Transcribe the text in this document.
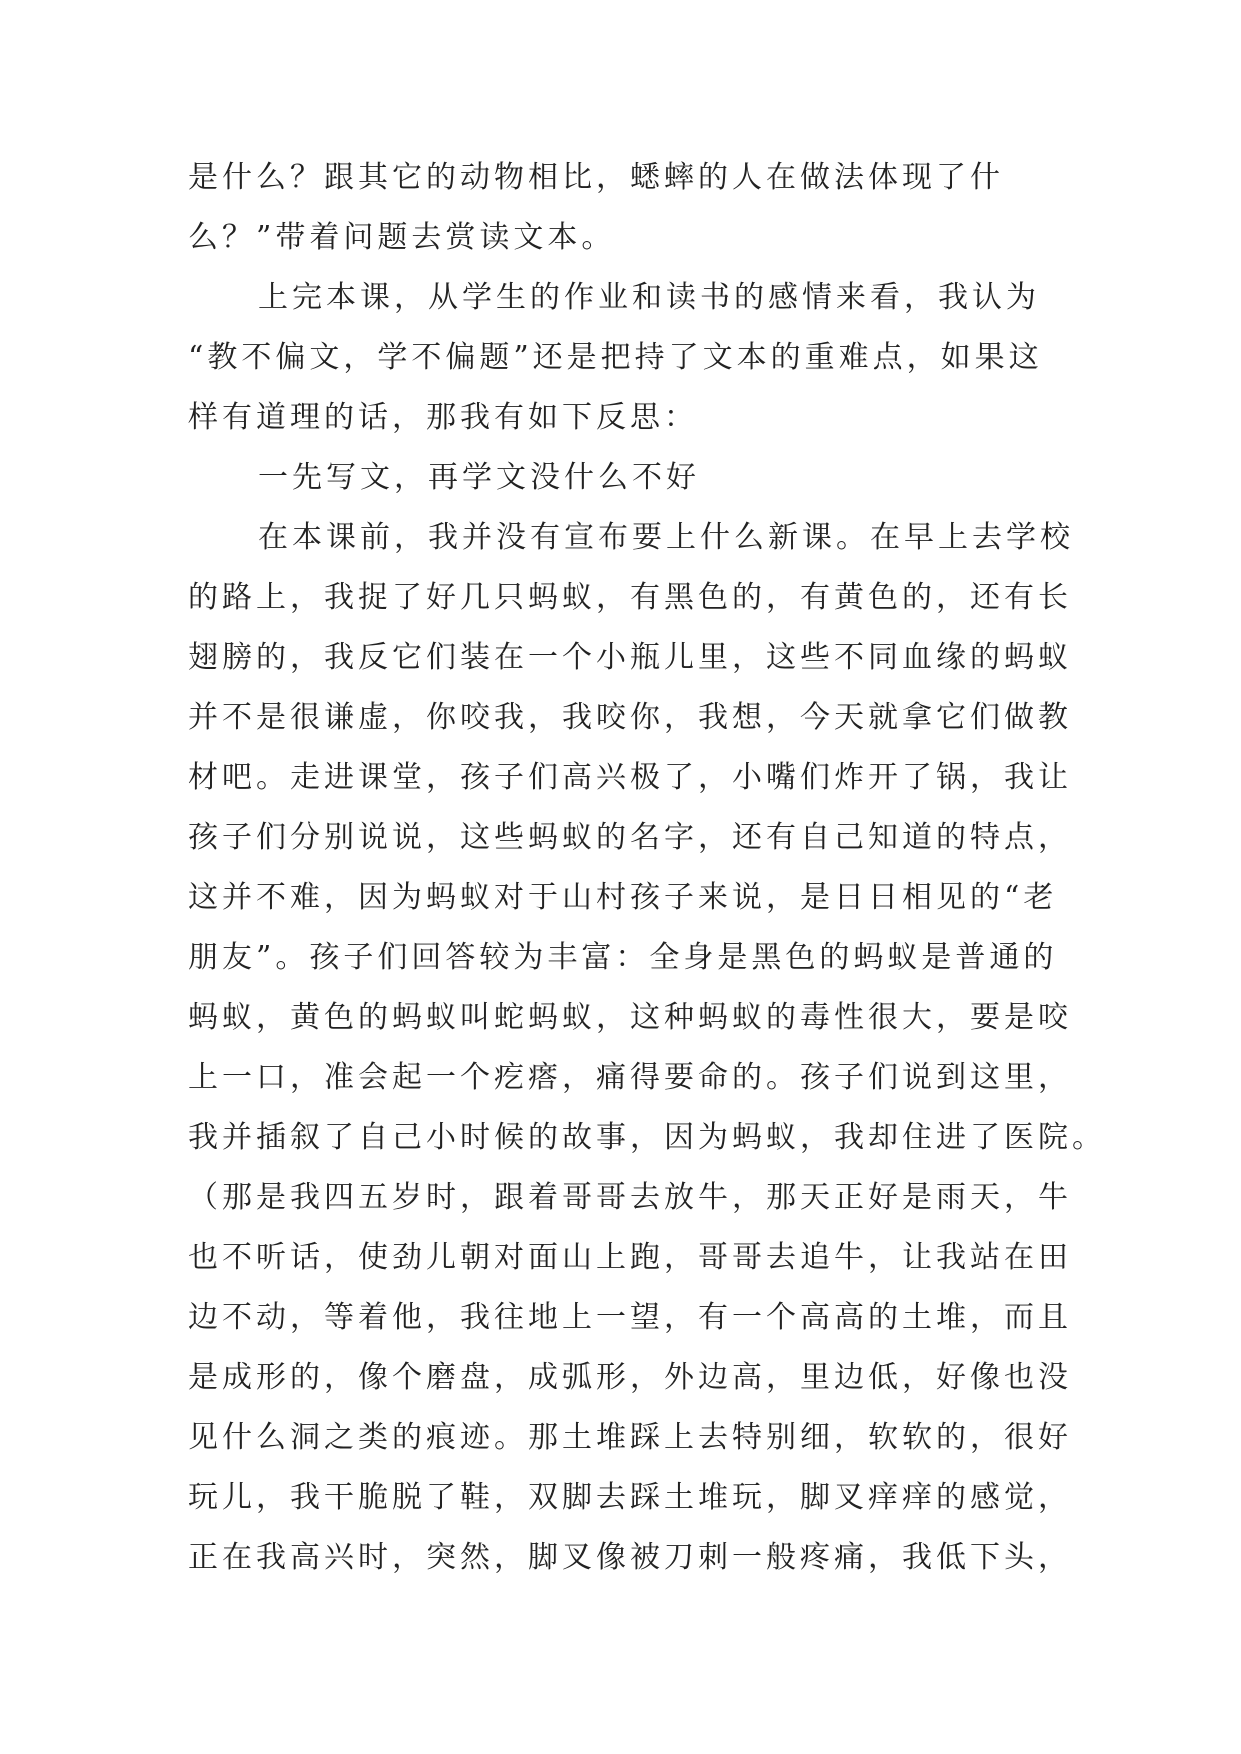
是什么？跟其它的动物相比，蟋蟀的人在做法体现了什
么？”带着问题去赏读文本。
上完本课，从学生的作业和读书的感情来看，我认为
“教不偏文，学不偏题”还是把持了文本的重难点，如果这
样有道理的话，那我有如下反思：
一先写文，再学文没什么不好
在本课前，我并没有宣布要上什么新课。在早上去学校
的路上，我捉了好几只蚂蚁，有黑色的，有黄色的，还有长
翅膀的，我反它们装在一个小瓶儿里，这些不同血缘的蚂蚁
并不是很谦虚，你咬我，我咬你，我想，今天就拿它们做教
材吧。走进课堂，孩子们高兴极了，小嘴们炸开了锅，我让
孩子们分别说说，这些蚂蚁的名字，还有自己知道的特点，
这并不难，因为蚂蚁对于山村孩子来说，是日日相见的“老
朋友”。孩子们回答较为丰富：全身是黑色的蚂蚁是普通的
蚂蚁，黄色的蚂蚁叫蛇蚂蚁，这种蚂蚁的毒性很大，要是咬
上一口，准会起一个疙瘩，痛得要命的。孩子们说到这里，
我并插叙了自己小时候的故事，因为蚂蚁，我却住进了医院。
（那是我四五岁时，跟着哥哥去放牛，那天正好是雨天，牛
也不听话，使劲儿朝对面山上跑，哥哥去追牛，让我站在田
边不动，等着他，我往地上一望，有一个高高的土堆，而且
是成形的，像个磨盘，成弧形，外边高，里边低，好像也没
见什么洞之类的痕迹。那土堆踩上去特别细，软软的，很好
玩儿，我干脆脱了鞋，双脚去踩土堆玩，脚叉痒痒的感觉，
正在我高兴时，突然，脚叉像被刀刺一般疼痛，我低下头，
